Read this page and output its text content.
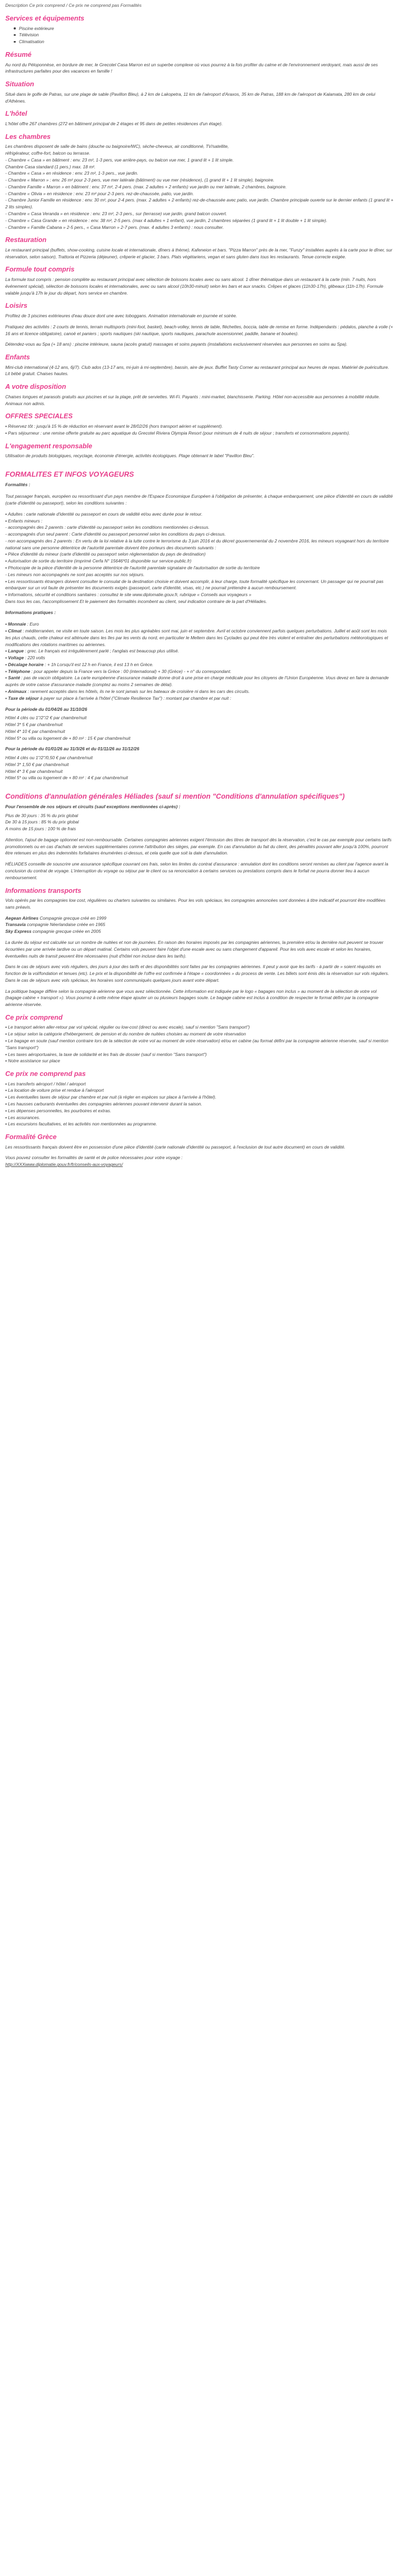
Description Ce prix comprend / Ce prix ne comprend pas Formalités
Services et équipements
Piscine extérieure
Télévision
Climatisation
Résumé
Au nord du Péloponnèse, en bordure de mer, le Grecotel Casa Marron est un superbe complexe où vous pourrez à la fois profiter du calme et de l'environnement verdoyant, mais aussi de ses infrastructures parfaites pour des vacances en famille !
Situation
Situé dans le golfe de Patras, sur une plage de sable (Pavillon Bleu), à 2 km de Lakopetra, 11 km de l'aéroport d'Araxos, 35 km de Patras, 188 km de l'aéroport de Kalamata, 280 km de celui d'Athènes.
L'hôtel
L'hôtel offre 267 chambres (272 en bâtiment principal de 2 étages et 95 dans de petites résidences d'un étage).
Les chambres
Les chambres disposent de salle de bains (douche ou baignoire/WC), sèche-cheveux, air conditionné, TV/satellite,
réfrigérateur, coffre-fort, balcon ou terrasse.
- Chambre « Casa » en bâtiment : env. 23 m², 1-3 pers, vue arrière-pays, ou balcon vue mer, 1 grand lit + 1 lit simple.
Chambre Casa standard (1 pers.) max. 18 m².
- Chambre « Casa » en résidence : env. 23 m², 1-3 pers., vue jardin.
- Chambre « Marron » : env. 26 m² pour 2-3 pers, vue mer latérale (bâtiment) ou vue mer (résidence), (1 grand lit + 1 lit simple), baignoire.
- Chambre Famille « Marron » en bâtiment : env. 37 m², 2-4 pers. (max. 2 adultes + 2 enfants) vue jardin ou mer latérale, 2 chambres, baignoire.
- Chambre « Olivia » en résidence : env. 23 m² pour 2-3 pers. rez-de-chaussée, patio, vue jardin.
- Chambre Junior Famille en résidence : env. 30 m², pour 2-4 pers. (max. 2 adultes + 2 enfants) rez-de-chaussée avec patio, vue jardin. Chambre principale ouverte sur le dernier enfants (1 grand lit + 2 lits simples).
- Chambre « Casa Veranda » en résidence : env. 23 m², 2-3 pers., sur (terrasse) vue jardin, grand balcon couvert.
- Chambre « Casa Grande » en résidence : env. 38 m², 2-5 pers. (max 4 adultes + 1 enfant), vue jardin, 2 chambres séparées (1 grand lit + 1 lit double + 1 lit simple).
- Chambre « Famille Cabana » 2-5 pers., « Casa Marron » 2-7 pers. (max. 4 adultes 3 enfants) : nous consulter.
Restauration
Le restaurant principal (buffets, show-cooking, cuisine locale et internationale, dîners à thème), Kafeneion et bars. "Pizza Marron" près de la mer, "Funzy" installées auprès à la carte pour le dîner, sur réservation, selon saison), Trattoria et Pizzeria (déjeuner), crêperie et glacier, 3 bars. Plats végétariens, vegan et sans gluten dans tous les restaurants. Tenue correcte exigée.
Formule tout compris
La formule tout compris : pension complète au restaurant principal avec sélection de boissons locales avec ou sans alcool. 1 dîner thématique dans un restaurant à la carte (min. 7 nuits, hors événement spécial), sélection de boissons locales et internationales, avec ou sans alcool (10h30-minuit) selon les bars et aux snacks. Crêpes et glaces (11h30-17h), glibeaux (11h-17h). Formule valable jusqu'à 17h le jour du départ, hors service en chambre.
Loisirs
Profitez de 3 piscines extérieures d'eau douce dont une avec toboggans. Animation internationale en journée et soirée.
Pratiquez des activités : 2 courts de tennis, terrain multisports (mini-foot, basket), beach-volley, tennis de table, fléchettes, boccia, table de remise en forme. Indépendants : pédalos, planche à voile (+ 16 ans et licence obligatoire), canoë et paniers ; sports nautiques (ski nautique, sports nautiques, parachute ascensionnel, paddle, banane et bouées).
Détendez-vous au Spa (+ 18 ans) : piscine intérieure, sauna (accès gratuit) massages et soins payants (installations exclusivement réservées aux personnes en soins au Spa).
Enfants
Mini-club international (4-12 ans, 6j/7). Club ados (13-17 ans, mi-juin à mi-septembre), bassin, aire de jeux. Buffet Tasty Corner au restaurant principal aux heures de repas. Matériel de puériculture. Lit bébé gratuit. Chaises hautes.
A votre disposition
Chaises longues et parasols gratuits aux piscines et sur la plage, prêt de serviettes. Wi-Fi. Payants : mini-market, blanchisserie. Parking. Hôtel non-accessible aux personnes à mobilité réduite. Animaux non admis.
OFFRES SPECIALES
▪ Réservez tôt : jusqu'à 15 % de réduction en réservant avant le 28/02/26 (hors transport aérien et supplément).
▪ Pars séjourneur : une remise offerte gratuite au parc aquatique du Grecotel Riviera Olympia Resort (pour minimum de 4 nuits de séjour ; transferts et consommations payants).
L'engagement responsable
Utilisation de produits biologiques, recyclage, économie d'énergie, activités écologiques. Plage obtenant le label "Pavillon Bleu".
FORMALITES ET INFOS VOYAGEURS
Formalités :
Tout passager français, européen ou ressortissant d'un pays membre de l'Espace Economique Européen à l'obligation de présenter, à chaque embarquement, une pièce d'identité en cours de validité (carte d'identité ou passeport), selon les conditions suivantes :
▪ Adultes : carte nationale d'identité ou passeport en cours de validité et/ou avec durée pour le retour.
▪ Enfants mineurs :
- accompagnés des 2 parents : carte d'identité ou passeport selon les conditions mentionnées ci-dessus.
- accompagnés d'un seul parent : Carte d'identité ou passeport personnel selon les conditions du pays ci-dessus.
- non accompagnés des 2 parents : En vertu de la loi relative à la lutte contre le terrorisme du 3 juin 2016 et du décret gouvernemental du 2 novembre 2016, les mineurs voyageant hors du territoire national sans une personne détentrice de l'autorité parentale doivent être porteurs des documents suivants :
▪ Pièce d'identité du mineur (carte d'identité ou passeport selon réglementation du pays de destination)
▪ Autorisation de sortie du territoire (imprimé Cerfa N° 15646*01 disponible sur service-public.fr)
▪ Photocopie de la pièce d'identité de la personne détentrice de l'autorité parentale signataire de l'autorisation de sortie du territoire
- Les mineurs non accompagnés ne sont pas acceptés sur nos séjours.
▪ Les ressortissants étrangers doivent consulter le consulat de la destination choisie et doivent accomplir, à leur charge, toute formalité spécifique les concernant. Un passager qui ne pourrait pas embarquer sur un vol faute de présenter les documents exigés (passeport, carte d'identité, visas, etc.) ne pourrait prétendre à aucun remboursement.
▪ Informations, sécurité et conditions sanitaires : consultez le site www.diplomatie.gouv.fr, rubrique « Conseils aux voyageurs »
Dans tous les cas, l'accomplissement Et le paiement des formalités incombent au client, seul indication contraire de la part d'Héliades.
Informations pratiques :
▪ Monnaie : Euro
▪ Climat : méditerranéen, ne visite en toute saison. Les mois les plus agréables sont mai, juin et septembre. Avril et octobre conviennent parfois quelques perturbations. Juillet et août sont les mois les plus chauds, cette chaleur est atténuée dans les îles par les vents du nord, en particulier le Meltem dans les Cyclades qui peut être très violent et entraîner des perturbations météorologiques et modifications des rotations maritimes ou aériennes.
▪ Langue : grec. Le français est irrégulièrement parlé ; l'anglais est beaucoup plus utilisé.
▪ Voltage : 220 volts
▪ Décalage horaire : + 1h Lorsqu'il est 12 h en France, il est 13 h en Grèce.
▪ Téléphone : pour appeler depuis la France vers la Grèce : 00 (international) + 30 (Grèce) - + n° du correspondant.
▪ Santé : pas de vaccin obligatoire. La carte européenne d'assurance maladie donne droit à une prise en charge médicale pour les citoyens de l'Union Européenne. Vous devez en faire la demande auprès de votre caisse d'assurance maladie (comptez au moins 2 semaines de délai).
▪ Animaux : rarement acceptés dans les hôtels, ils ne le sont jamais sur les bateaux de croisière ni dans les cars des circuits.
▪ Taxe de séjour à payer sur place à l'arrivée à l'hôtel ("Climate Resilience Tax") : montant par chambre et par nuit :
Pour la période du 01/04/26 au 31/10/26
Hôtel 4 clés ou 1"/2"/2 € par chambre/nuit
Hôtel 3* 5 € par chambre/nuit
Hôtel 4* 10 € par chambre/nuit
Hôtel 5* ou villa ou logement de + 80 m² : 15 € par chambre/nuit
Pour la période du 01/01/26 au 31/3/26 et du 01/11/26 au 31/12/26
Hôtel 4 clés ou 1"/2"/0,50 € par chambre/nuit
Hôtel 3* 1,50 € par chambre/nuit
Hôtel 4* 3 € par chambre/nuit
Hôtel 5* ou villa ou logement de + 80 m² : 4 € par chambre/nuit
Conditions d'annulation générales Héliades (sauf si mention "Conditions d'annulation spécifiques")
Pour l'ensemble de nos séjours et circuits (sauf exceptions mentionnées ci-après) :
Plus de 30 jours : 35 % du prix global
De 30 à 15 jours : 85 % du prix global
A moins de 15 jours : 100 % de frais
Attention, l'ajout de bagage optionnel est non-remboursable. Certaines compagnies aériennes exigent l'émission des titres de transport dès la réservation, c'est le cas par exemple pour certains tarifs promotionnels ou en cas d'achats de services supplémentaires comme l'attribution des sièges, par exemple. En cas d'annulation du fait du client, des pénalités pouvant aller jusqu'à 100%, pourront être retenues en plus des indemnités forfaitaires énumérées ci-dessus, et cela quelle que soit la date d'annulation.
HÉLIADES conseille de souscrire une assurance spécifique couvrant ces frais, selon les limites du contrat d'assurance : annulation dont les conditions seront remises au client par l'agence avant la conclusion du contrat de voyage. L'interruption du voyage ou séjour par le client ou sa renonciation à certains services ou prestations compris dans le forfait ne pourra donner lieu à aucun remboursement.
Informations transports
Vols opérés par les compagnies low cost, régulières ou charters suivantes ou similaires. Pour les vols spéciaux, les compagnies annoncées sont données à titre indicatif et pourront être modifiées sans préavis.
Aegean Airlines Compagnie grecque créé en 1999
Transavia compagnie Néerlandaise créée en 1965
Sky Express compagnie grecque créée en 2005
La durée du séjour est calculée sur un nombre de nuitées et non de journées. En raison des horaires imposés par les compagnies aériennes, la première et/ou la dernière nuit peuvent se trouver écourtées par une arrivée tardive ou un départ matinal. Certains vols peuvent faire l'objet d'une escale avec ou sans changement d'appareil. Pour les vols avec escale et selon les horaires, éventuelles nuits de transit peuvent être nécessaires (nuit d'hôtel non incluse dans les tarifs).
Dans le cas de séjours avec vols réguliers, des jours à jour des tarifs et des disponibilités sont faites par les compagnies aériennes. Il peut y avoir que les tarifs - à partir de » soient réajustés en fonction de la vol/fondation et tenues (etc). Le prix et la disponibilité de l'offre est confirmée à l'étape « coordonnées » du process de vente. Les billets sont émis dès la réservation sur vols réguliers. Dans le cas de séjours avec vols spéciaux, les horaires sont communiqués quelques jours avant votre départ.
La politique bagage diffère selon la compagnie aérienne que vous avez sélectionnée. Cette information est indiquée par le logo « bagages non inclus » au moment de la sélection de votre vol (bagage cabine + transport »). Vous pourrez à cette même étape ajouter un ou plusieurs bagages soute. Le bagage cabine est inclus à condition de respecter le format défini par la compagnie aérienne réservée.
Ce prix comprend
▪ Le transport aérien aller-retour par vol spécial, régulier ou low-cost (direct ou avec escale), sauf si mention "Sans transport")
▪ Le séjour selon la catégorie d'hébergement, de pension et du nombre de nuitées choisies au moment de votre réservation
▪ Le bagage en soute (sauf mention contraire lors de la sélection de votre vol au moment de votre réservation) et/ou en cabine (au format défini par la compagnie aérienne réservée, sauf si mention "Sans transport")
▪ Les taxes aéroportuaires, la taxe de solidarité et les frais de dossier (sauf si mention "Sans transport")
▪ Notre assistance sur place
Ce prix ne comprend pas
▪ Les transferts aéroport / hôtel / aéroport
▪ La location de voiture prise et rendue à l'aéroport
▪ Les éventuelles taxes de séjour par chambre et par nuit (à régler en espèces sur place à l'arrivée à l'hôtel).
▪ Les hausses carburants éventuelles des compagnies aériennes pouvant intervenir durant la saison.
▪ Les dépenses personnelles, les pourboires et extras.
▪ Les assurances.
▪ Les excursions facultatives, et les activités non mentionnées au programme.
Formalité Grèce
Les ressortissants français doivent être en possession d'une pièce d'identité (carte nationale d'identité ou passeport, à l'exclusion de tout autre document) en cours de validité.
Vous pouvez consulter les formalités de santé et de police nécessaires pour votre voyage :
http://XXXwww.diplomatie.gouv.fr/fr/conseils-aux-voyageurs/
